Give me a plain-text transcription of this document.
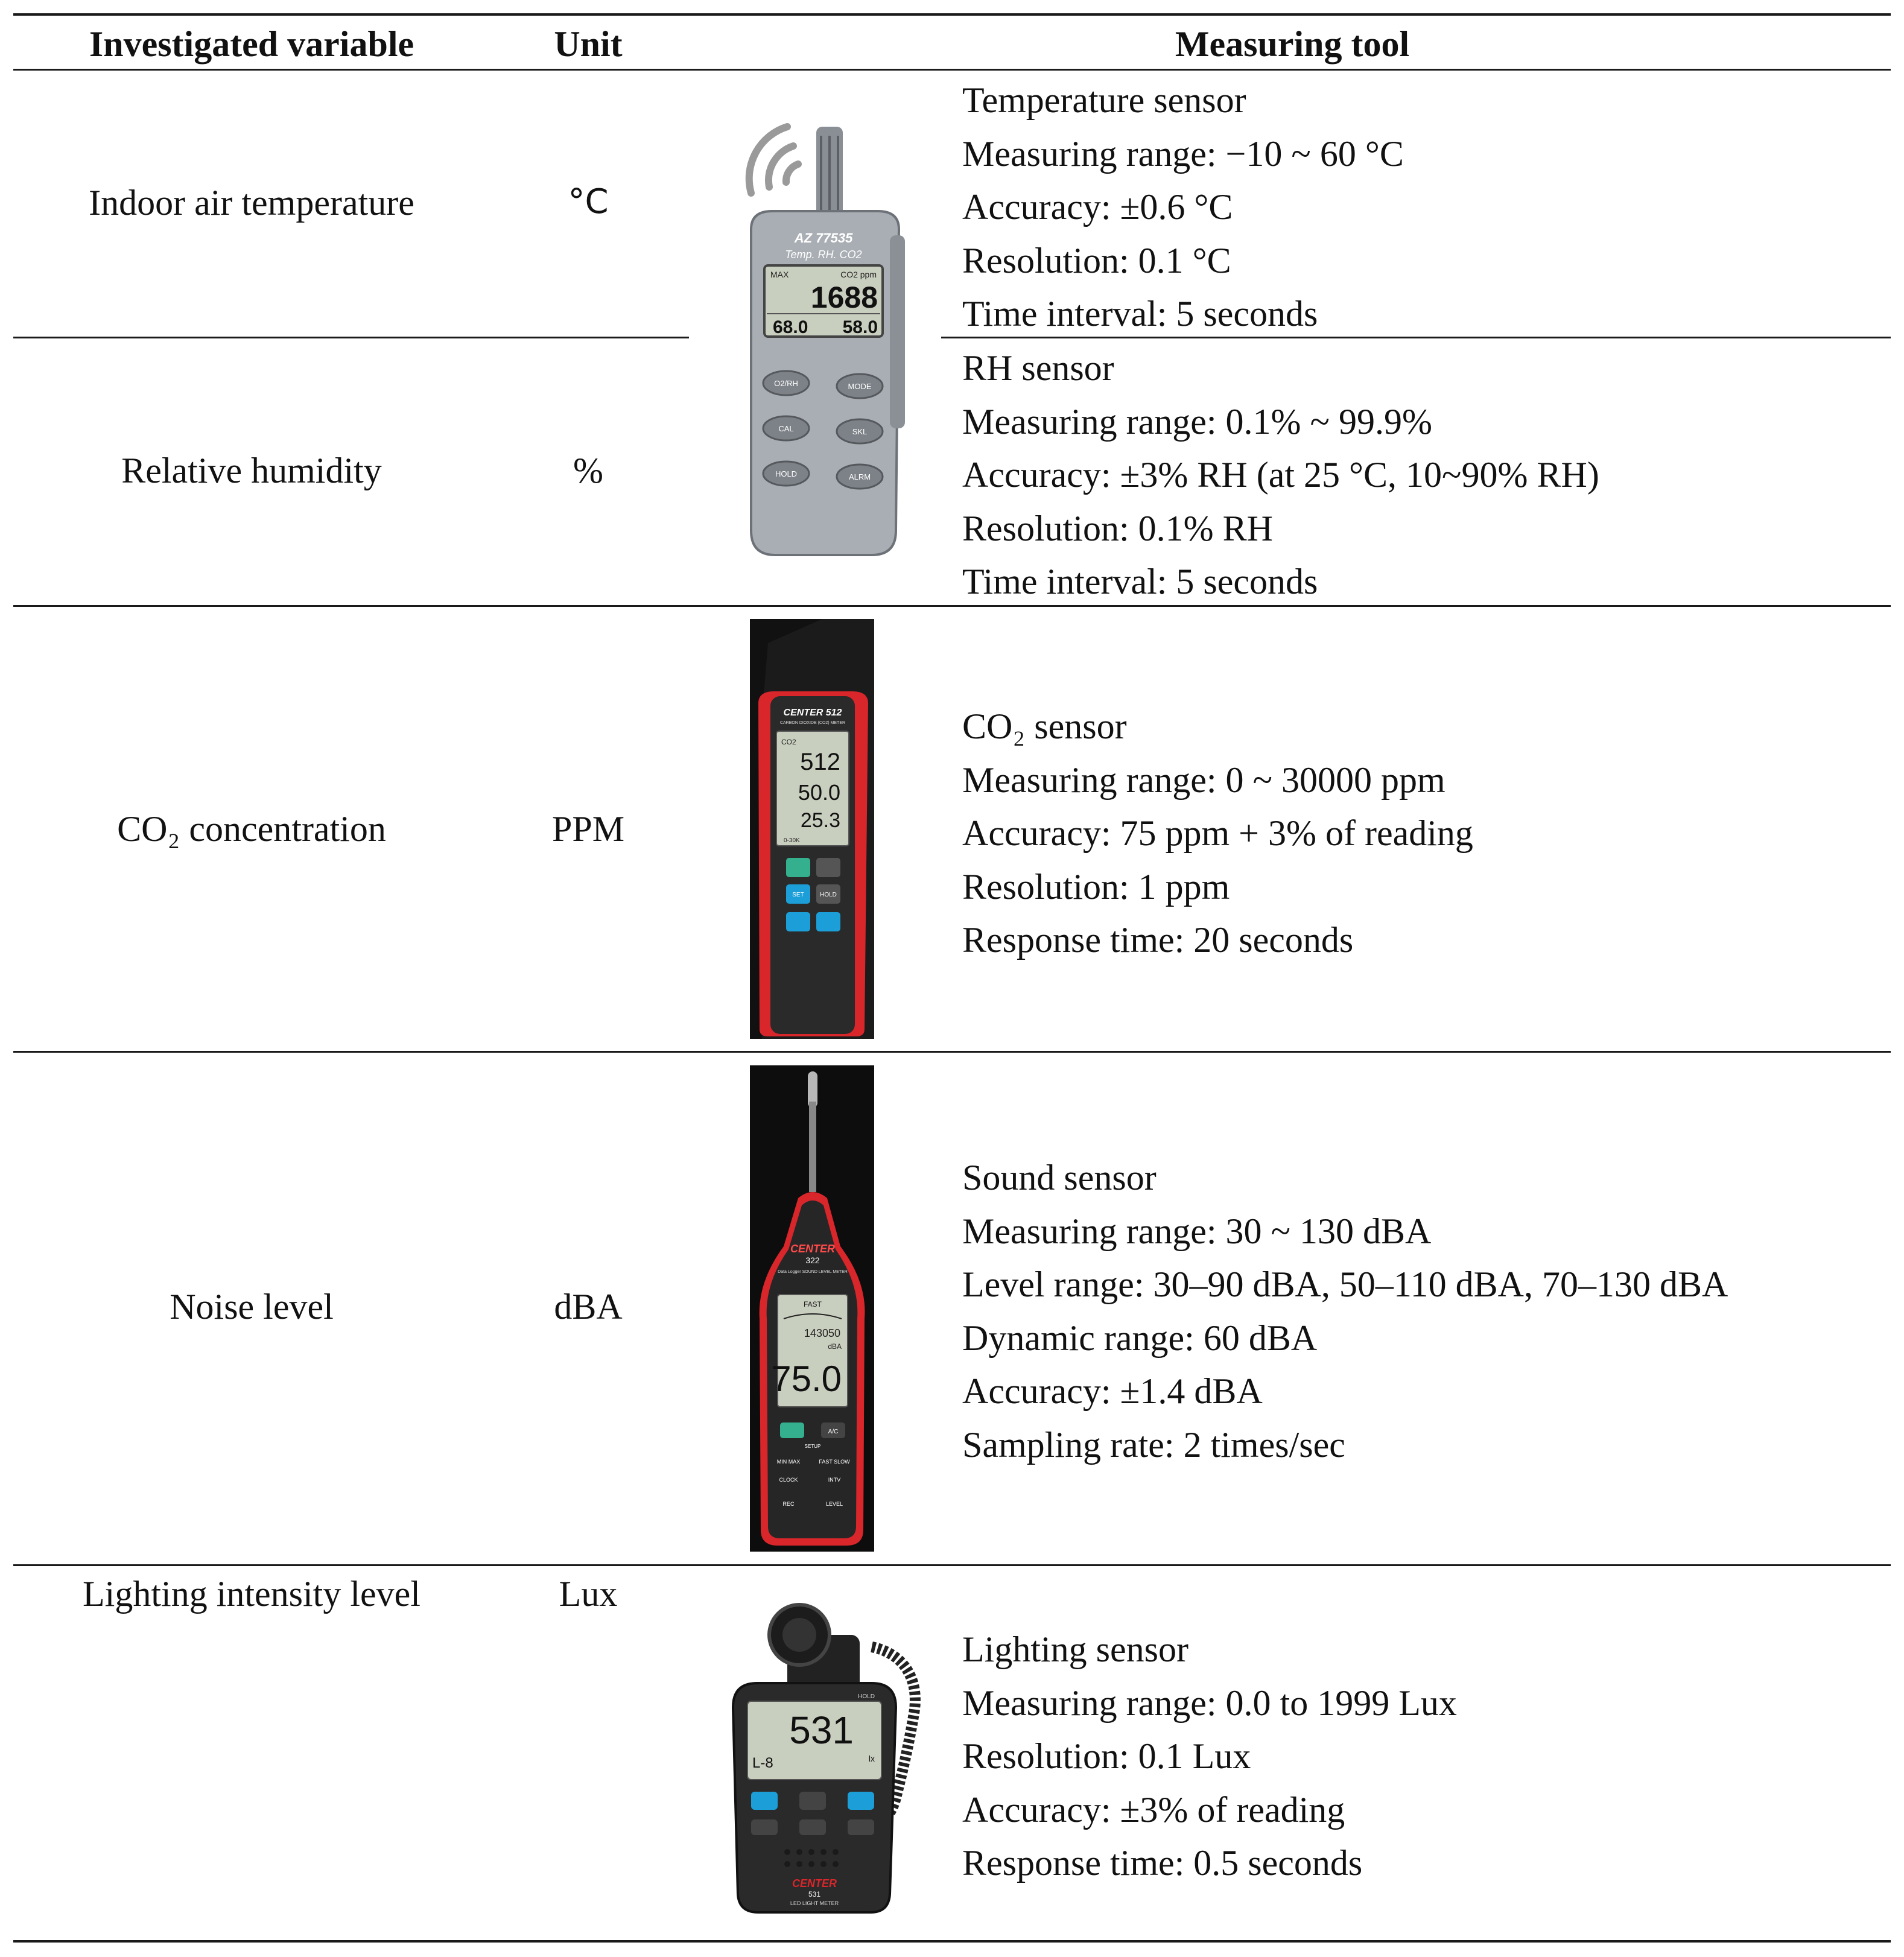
Investigated variable	Unit	Measuring tool
Indoor air temperature	°C
Temperature sensor
Measuring range: −10 ~ 60 °C
Accuracy: ±0.6 °C
Resolution: 0.1 °C
Time interval: 5 seconds
Relative humidity	%
RH sensor
Measuring range: 0.1% ~ 99.9%
Accuracy: ±3% RH (at 25 °C, 10~90% RH)
Resolution: 0.1% RH
Time interval: 5 seconds
AZ 77535
Temp. RH. CO2
MAX	CO2 ppm
1688
68.0 58.0
O2/RH	MODE
CAL	SKL
HOLD	ALRM
CO₂ concentration	PPM
CO₂ sensor
Measuring range: 0 ~ 30000 ppm
Accuracy: 75 ppm + 3% of reading
Resolution: 1 ppm
Response time: 20 seconds
CENTER 512
CARBON DIOXIDE (CO2) METER
CO2
512
50.0
25.3
0-30K
SET	HOLD
Noise level	dBA
Sound sensor
Measuring range: 30 ~ 130 dBA
Level range: 30–90 dBA, 50–110 dBA, 70–130 dBA
Dynamic range: 60 dBA
Accuracy: ±1.4 dBA
Sampling rate: 2 times/sec
CENTER
322
Data Logger SOUND LEVEL METER
FAST
143050
dBA
75.0
A/C
SETUP
MIN MAX	FAST SLOW
CLOCK	INTV
REC	LEVEL
Lighting intensity level	Lux
Lighting sensor
Measuring range: 0.0 to 1999 Lux
Resolution: 0.1 Lux
Accuracy: ±3% of reading
Response time: 0.5 seconds
HOLD
531
L-8	lx
CENTER
531
LED LIGHT METER
